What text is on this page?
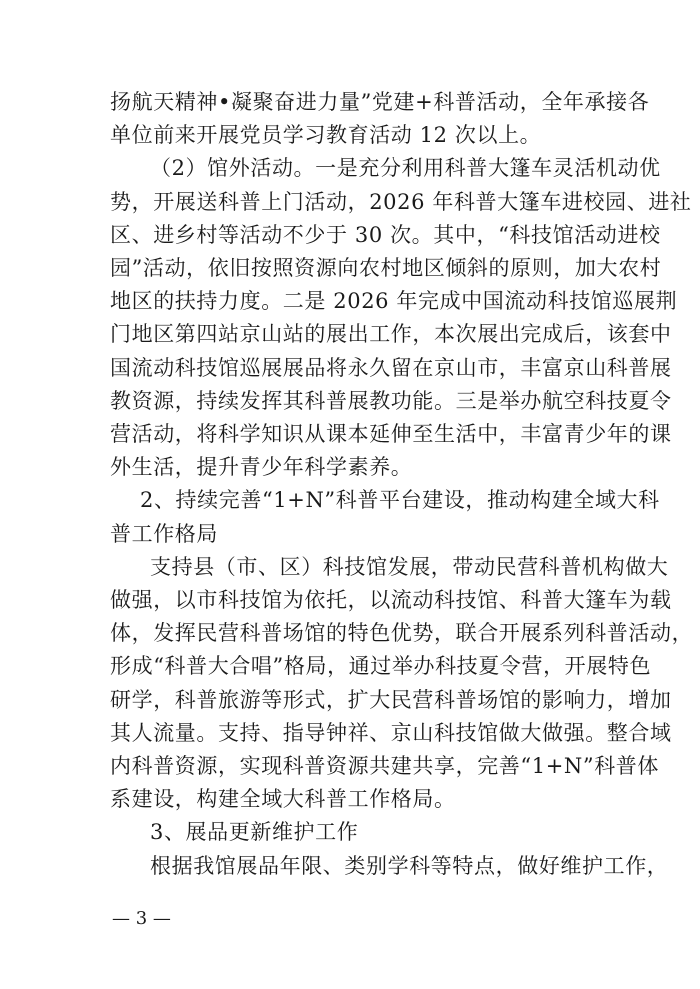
扬航天精神•凝聚奋进力量”党建+科普活动，全年承接各
单位前来开展党员学习教育活动 12 次以上。
（2）馆外活动。一是充分利用科普大篷车灵活机动优
势，开展送科普上门活动，2026 年科普大篷车进校园、进社
区、进乡村等活动不少于 30 次。其中，“科技馆活动进校
园”活动，依旧按照资源向农村地区倾斜的原则，加大农村
地区的扶持力度。二是 2026 年完成中国流动科技馆巡展荆
门地区第四站京山站的展出工作，本次展出完成后，该套中
国流动科技馆巡展展品将永久留在京山市，丰富京山科普展
教资源，持续发挥其科普展教功能。三是举办航空科技夏令
营活动，将科学知识从课本延伸至生活中，丰富青少年的课
外生活，提升青少年科学素养。
2、持续完善“1+N”科普平台建设，推动构建全域大科
普工作格局
支持县（市、区）科技馆发展，带动民营科普机构做大
做强，以市科技馆为依托，以流动科技馆、科普大篷车为载
体，发挥民营科普场馆的特色优势，联合开展系列科普活动，
形成“科普大合唱”格局，通过举办科技夏令营，开展特色
研学，科普旅游等形式，扩大民营科普场馆的影响力，增加
其人流量。支持、指导钟祥、京山科技馆做大做强。整合域
内科普资源，实现科普资源共建共享，完善“1+N”科普体
系建设，构建全域大科普工作格局。
3、展品更新维护工作
根据我馆展品年限、类别学科等特点，做好维护工作，
— 3 —
